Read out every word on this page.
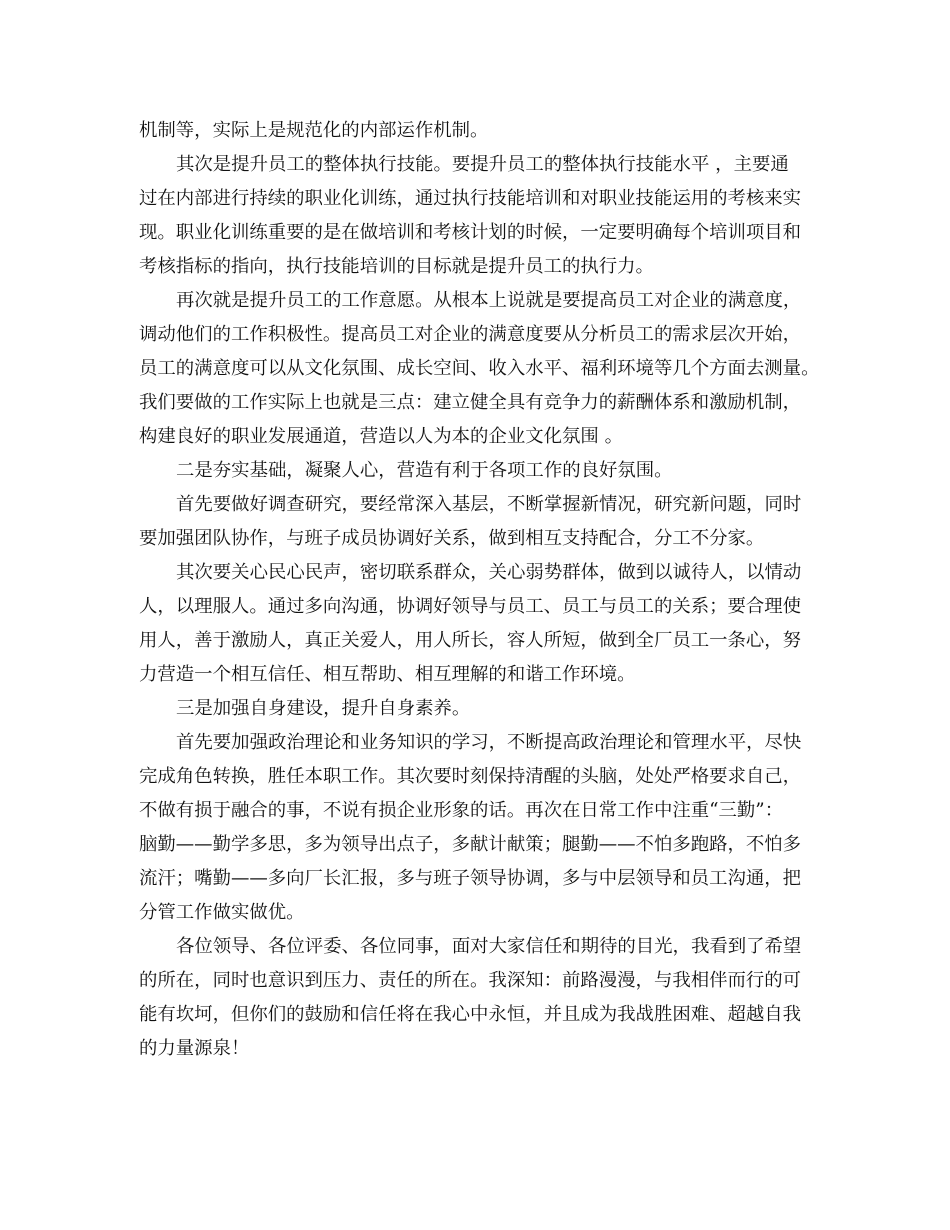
机制等，实际上是规范化的内部运作机制。
其次是提升员工的整体执行技能。要提升员工的整体执行技能水平 ，主要通
过在内部进行持续的职业化训练，通过执行技能培训和对职业技能运用的考核来实
现。职业化训练重要的是在做培训和考核计划的时候，一定要明确每个培训项目和
考核指标的指向，执行技能培训的目标就是提升员工的执行力。
再次就是提升员工的工作意愿。从根本上说就是要提高员工对企业的满意度，
调动他们的工作积极性。提高员工对企业的满意度要从分析员工的需求层次开始，
员工的满意度可以从文化氛围、成长空间、收入水平、福利环境等几个方面去测量。
我们要做的工作实际上也就是三点：建立健全具有竞争力的薪酬体系和激励机制，
构建良好的职业发展通道，营造以人为本的企业文化氛围 。
二是夯实基础，凝聚人心，营造有利于各项工作的良好氛围。
首先要做好调查研究，要经常深入基层，不断掌握新情况，研究新问题，同时
要加强团队协作，与班子成员协调好关系，做到相互支持配合，分工不分家。
其次要关心民心民声，密切联系群众，关心弱势群体，做到以诚待人，以情动
人，以理服人。通过多向沟通，协调好领导与员工、员工与员工的关系；要合理使
用人，善于激励人，真正关爱人，用人所长，容人所短，做到全厂员工一条心，努
力营造一个相互信任、相互帮助、相互理解的和谐工作环境。
三是加强自身建设，提升自身素养。
首先要加强政治理论和业务知识的学习，不断提高政治理论和管理水平，尽快
完成角色转换，胜任本职工作。其次要时刻保持清醒的头脑，处处严格要求自己，
不做有损于融合的事，不说有损企业形象的话。再次在日常工作中注重“三勤”：
脑勤——勤学多思，多为领导出点子，多献计献策；腿勤——不怕多跑路，不怕多
流汗；嘴勤——多向厂长汇报，多与班子领导协调，多与中层领导和员工沟通，把
分管工作做实做优。
各位领导、各位评委、各位同事，面对大家信任和期待的目光，我看到了希望
的所在，同时也意识到压力、责任的所在。我深知：前路漫漫，与我相伴而行的可
能有坎坷，但你们的鼓励和信任将在我心中永恒，并且成为我战胜困难、超越自我
的力量源泉！
